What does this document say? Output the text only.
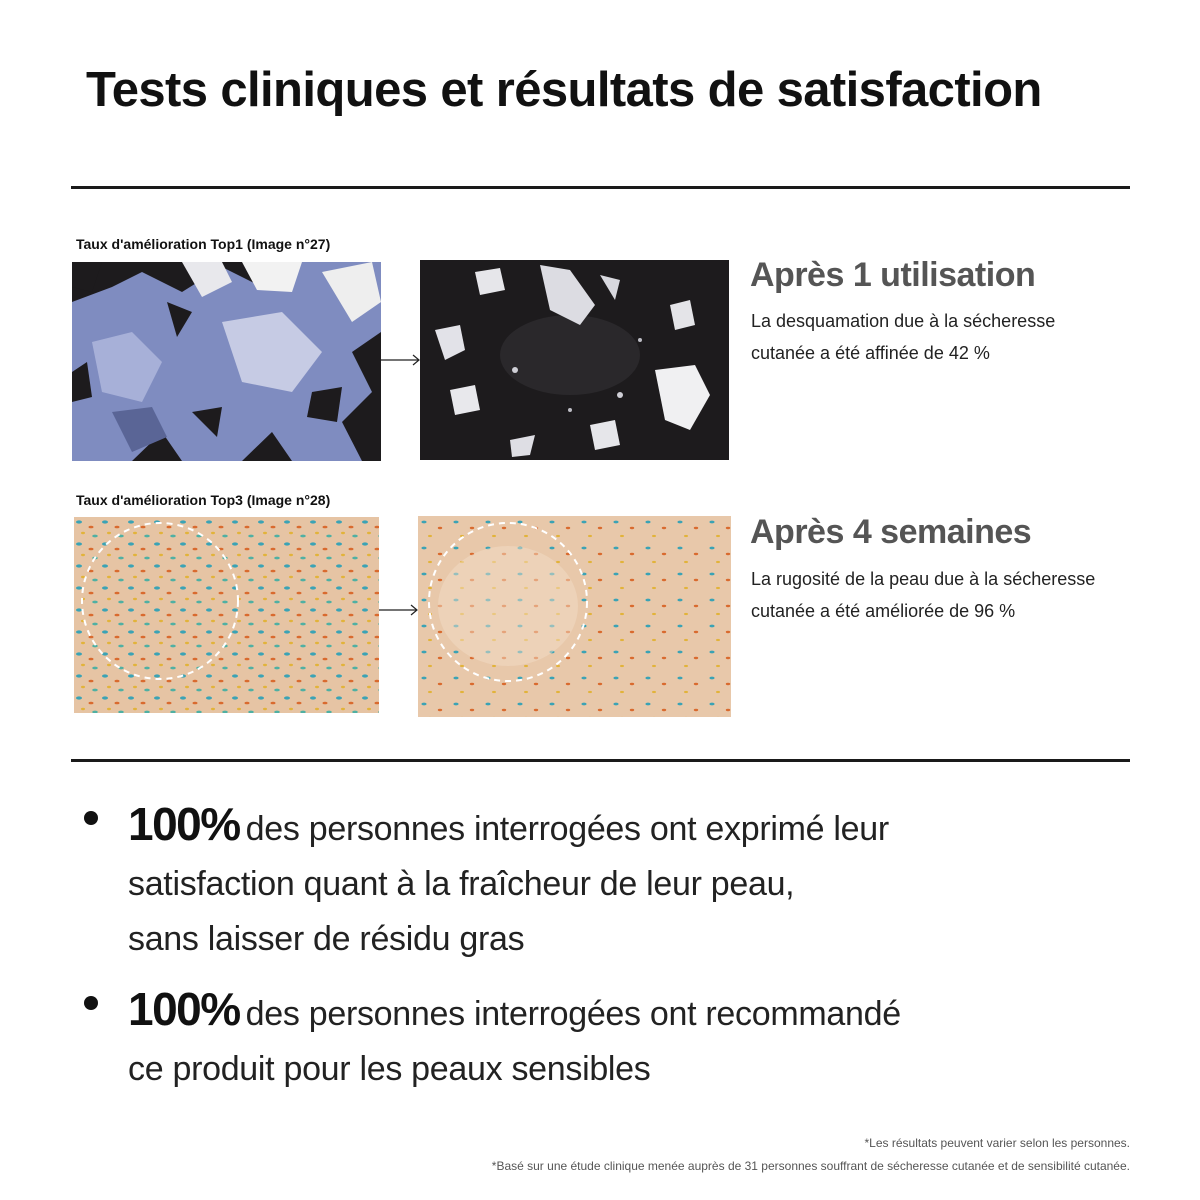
Tests cliniques et résultats de satisfaction
Taux d'amélioration Top1 (Image n°27)
Après 1 utilisation
La desquamation due à la sécheresse
cutanée a été affinée de 42 %
Taux d'amélioration Top3 (Image n°28)
Après 4 semaines
La rugosité de la peau due à la sécheresse
cutanée a été améliorée de 96 %
100% des personnes interrogées ont exprimé leur
satisfaction quant à la fraîcheur de leur peau,
sans laisser de résidu gras
100% des personnes interrogées ont recommandé
ce produit pour les peaux sensibles
*Les résultats peuvent varier selon les personnes.
*Basé sur une étude clinique menée auprès de 31 personnes souffrant de sécheresse cutanée et de sensibilité cutanée.
